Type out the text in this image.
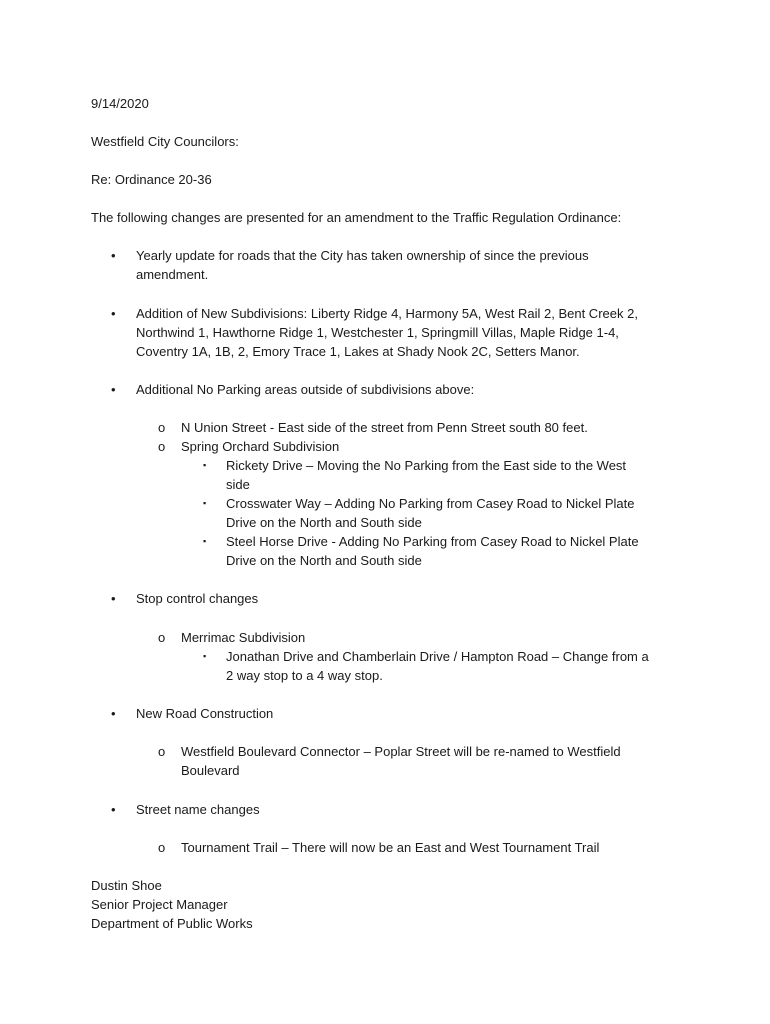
9/14/2020
Westfield City Councilors:
Re: Ordinance 20-36
The following changes are presented for an amendment to the Traffic Regulation Ordinance:
• Yearly update for roads that the City has taken ownership of since the previous
amendment.
• Addition of New Subdivisions: Liberty Ridge 4, Harmony 5A, West Rail 2, Bent Creek 2,
Northwind 1, Hawthorne Ridge 1, Westchester 1, Springmill Villas, Maple Ridge 1-4,
Coventry 1A, 1B, 2, Emory Trace 1, Lakes at Shady Nook 2C, Setters Manor.
• Additional No Parking areas outside of subdivisions above:
o N Union Street - East side of the street from Penn Street south 80 feet.
o Spring Orchard Subdivision
▪ Rickety Drive – Moving the No Parking from the East side to the West
side
▪ Crosswater Way – Adding No Parking from Casey Road to Nickel Plate
Drive on the North and South side
▪ Steel Horse Drive - Adding No Parking from Casey Road to Nickel Plate
Drive on the North and South side
• Stop control changes
o Merrimac Subdivision
▪ Jonathan Drive and Chamberlain Drive / Hampton Road – Change from a
2 way stop to a 4 way stop.
• New Road Construction
o Westfield Boulevard Connector – Poplar Street will be re-named to Westfield
Boulevard
• Street name changes
o Tournament Trail – There will now be an East and West Tournament Trail
Dustin Shoe
Senior Project Manager
Department of Public Works
